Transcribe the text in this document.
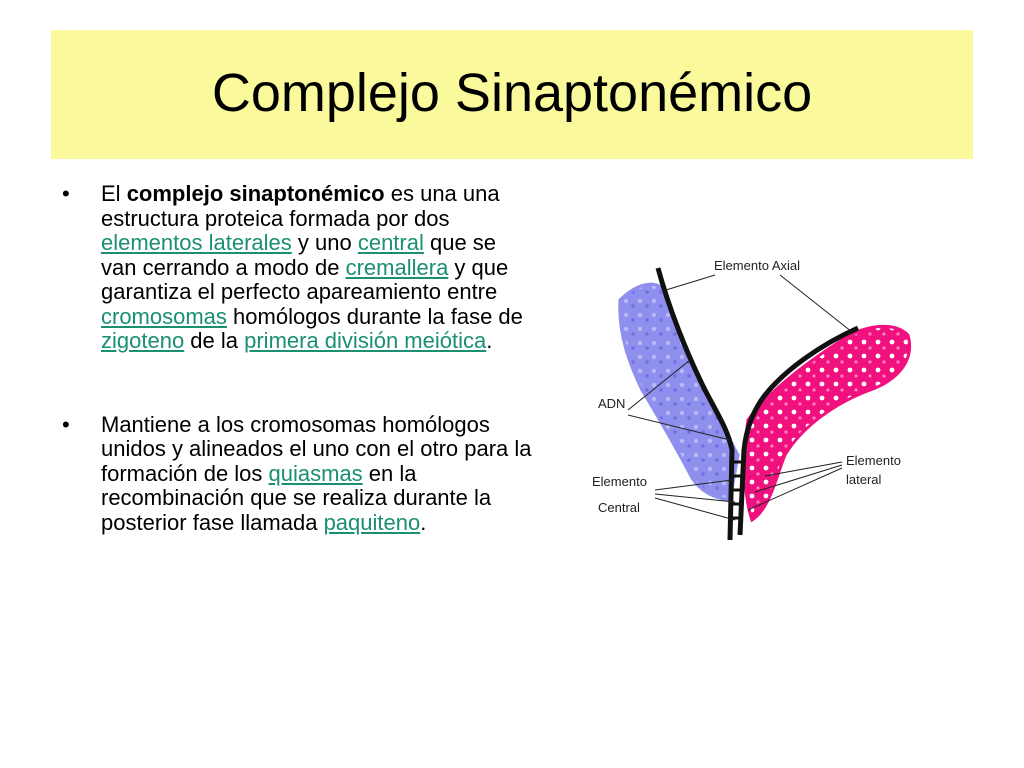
Complejo Sinaptonémico
•	El complejo sinaptonémico es una una estructura proteica formada por dos elementos laterales y uno central que se van cerrando a modo de cremallera y que garantiza el perfecto apareamiento entre cromosomas homólogos durante la fase de zigoteno de la primera división meiótica.

•	Mantiene a los cromosomas homólogos unidos y alineados el uno con el otro para la formación de los quiasmas en la recombinación que se realiza durante la posterior fase llamada paquiteno.

Elemento Axial
ADN
Elemento
Central
Elemento
lateral
